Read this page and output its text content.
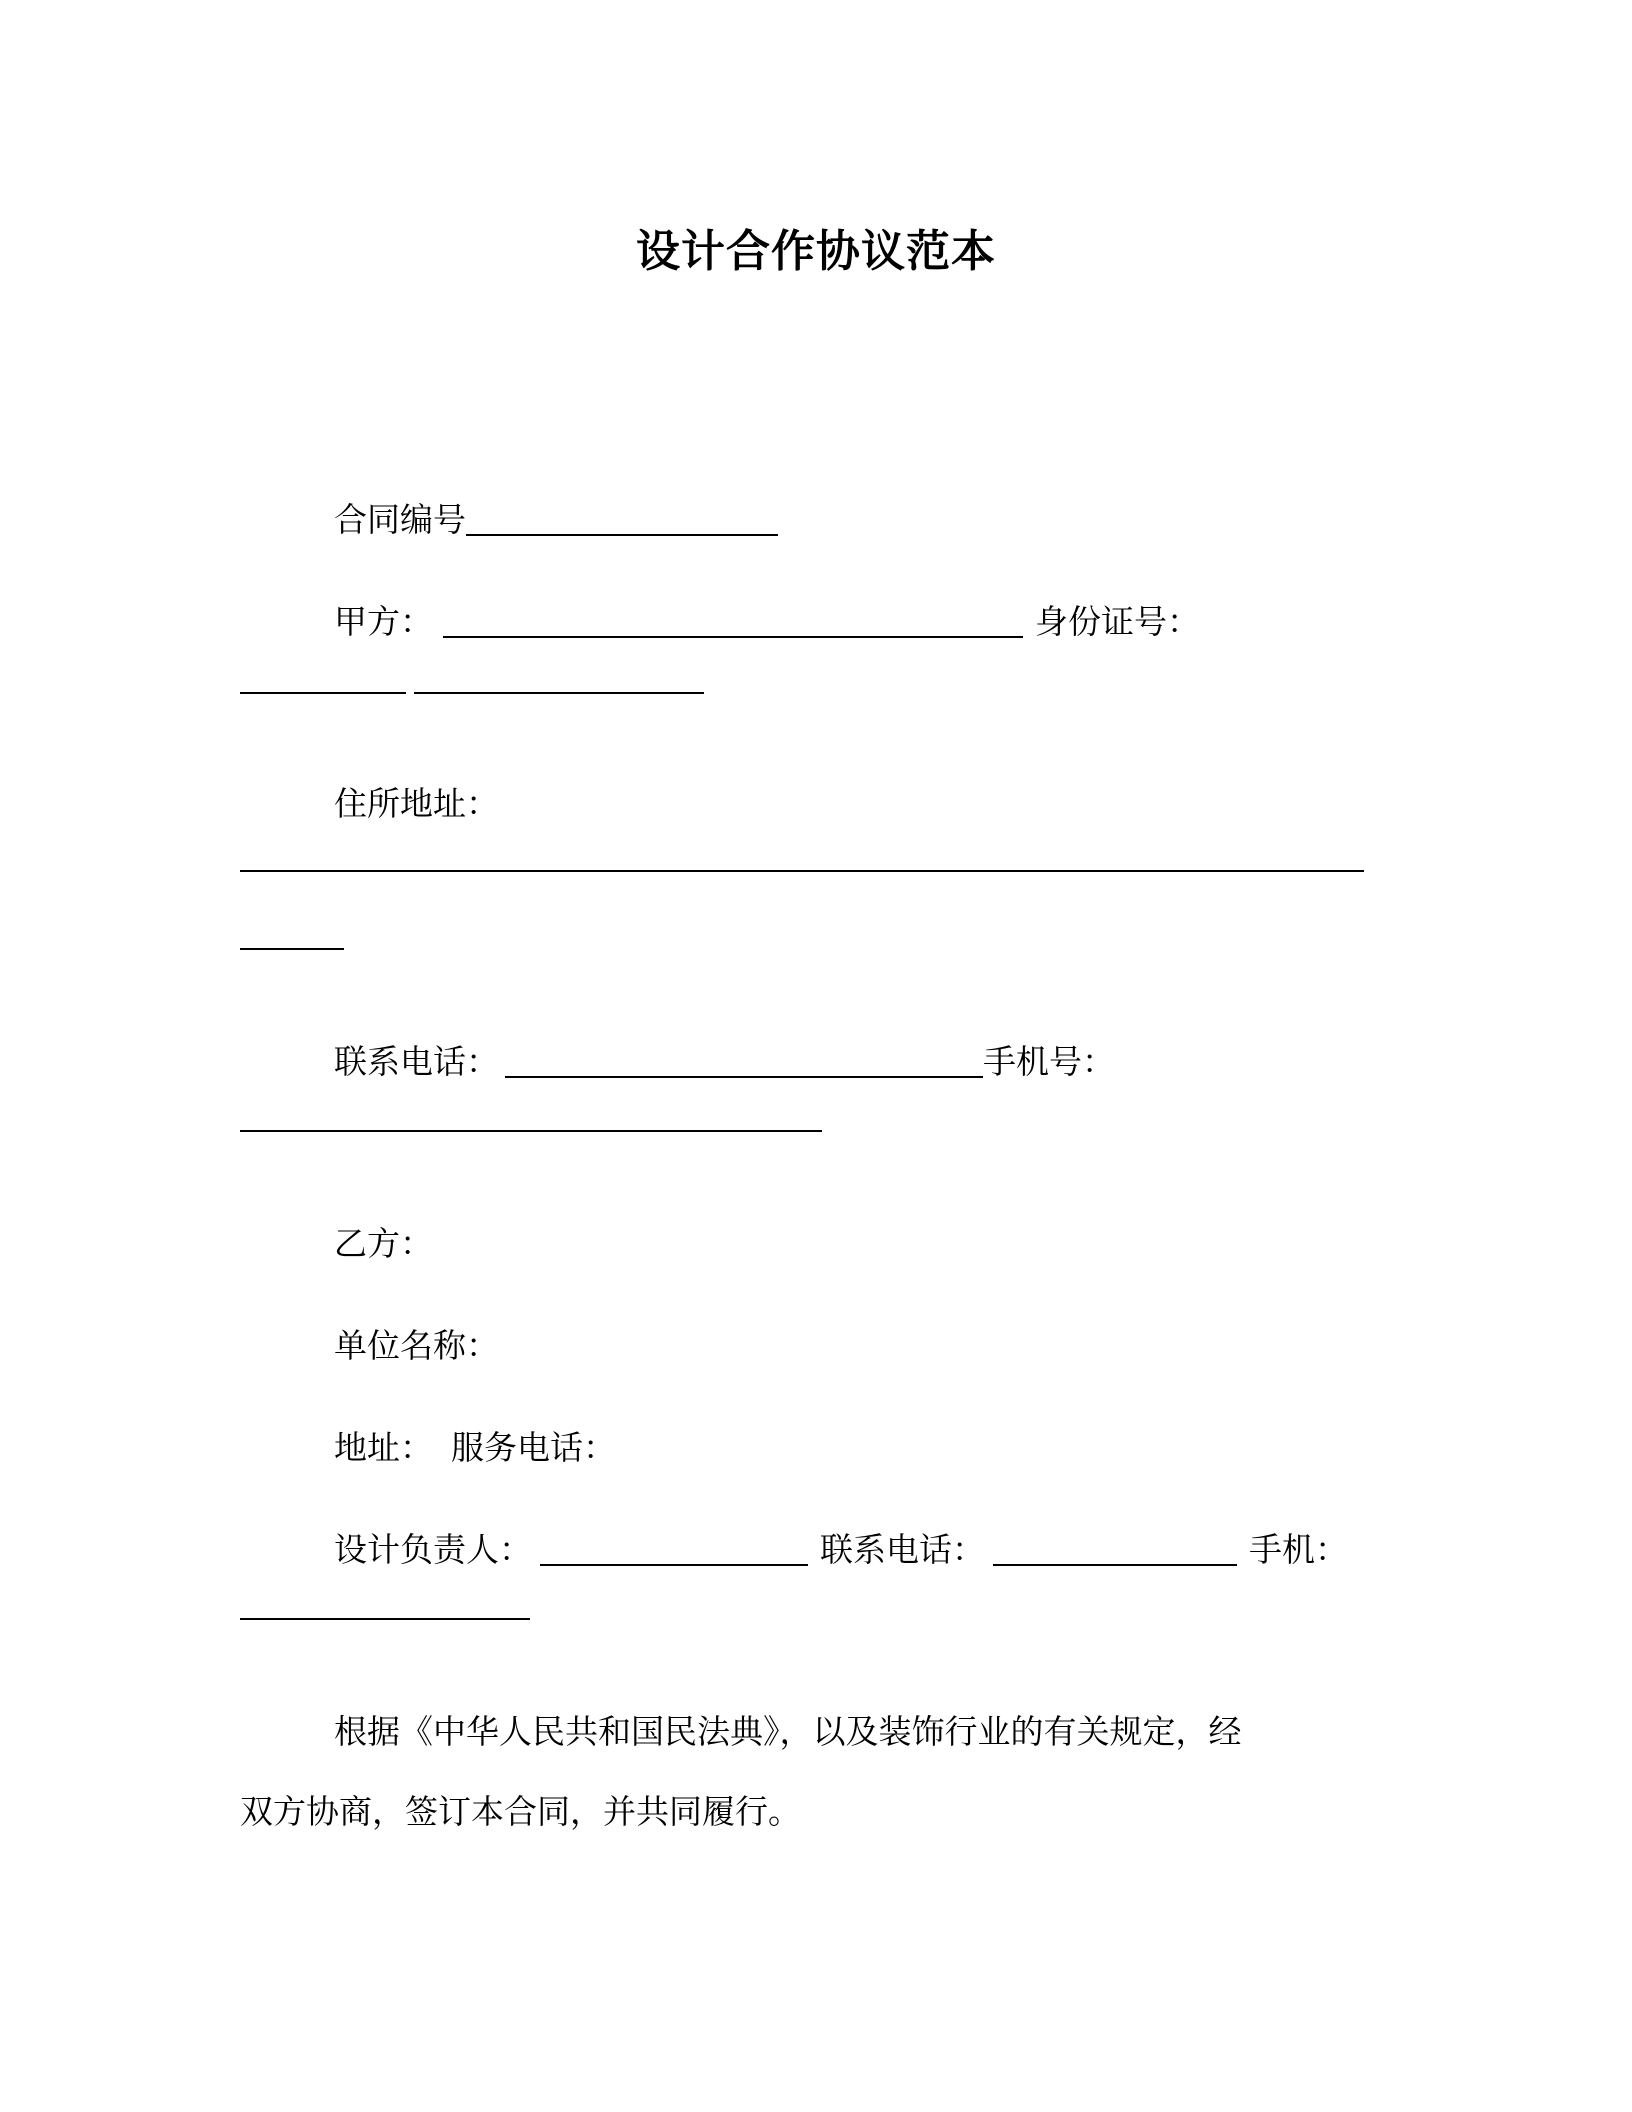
设计合作协议范本
合同编号
甲方：	身份证号：
住所地址：
联系电话：	手机号：
乙方：
单位名称：
地址： 服务电话：
设计负责人：	联系电话：	手机：
根据《中华人民共和国民法典》，以及装饰行业的有关规定，经
双方协商，签订本合同，并共同履行。
